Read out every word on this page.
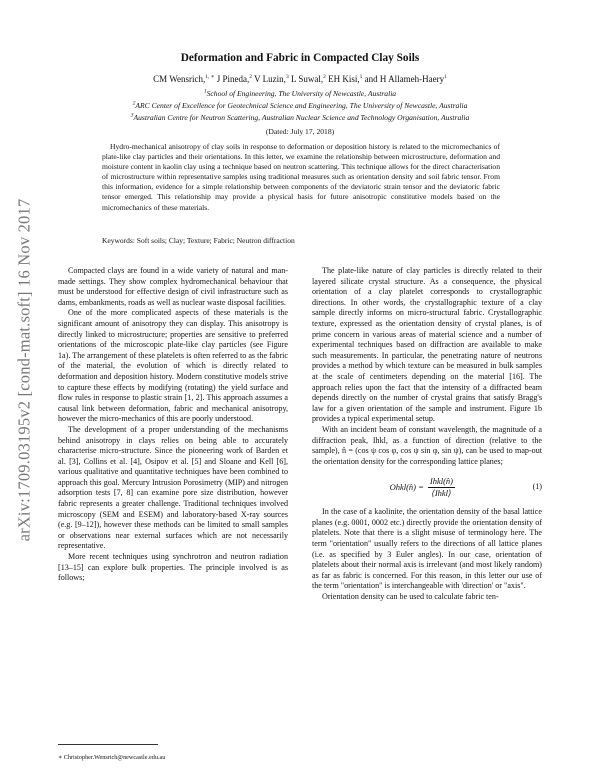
arXiv:1709.03195v2 [cond-mat.soft] 16 Nov 2017
Deformation and Fabric in Compacted Clay Soils
CM Wensrich,$^{1, ∗}$ J Pineda,$^2$ V Luzin,$^3$ L Suwal,$^2$ EH Kisi,$^1$ and H Allameh-Haery$^1$
$^1$School of Engineering, The University of Newcastle, Australia
$^2$ARC Center of Excellence for Geotechnical Science and Engineering, The University of Newcastle, Australia
$^3$Australian Centre for Neutron Scattering, Australian Nuclear Science and Technology Organisation, Australia
(Dated: July 17, 2018)
Hydro-mechanical anisotropy of clay soils in response to deformation or deposition history is related to the micromechanics of plate-like clay particles and their orientations. In this letter, we examine the relationship between microstructure, deformation and moisture content in kaolin clay using a technique based on neutron scattering. This technique allows for the direct characterisation of microstructure within representative samples using traditional measures such as orientation density and soil fabric tensor. From this information, evidence for a simple relationship between components of the deviatoric strain tensor and the deviatoric fabric tensor emerged. This relationship may provide a physical basis for future anisotropic constitutive models based on the micromechanics of these materials.
Keywords: Soft soils; Clay; Texture; Fabric; Neutron diffraction

Compacted clays are found in a wide variety of natural and man-made settings. They show complex hydromechanical behaviour that must be understood for effective design of civil infrastructure such as dams, embankments, roads as well as nuclear waste disposal facilities.

One of the more complicated aspects of these materials is the significant amount of anisotropy they can display. This anisotropy is directly linked to microstructure; properties are sensitive to preferred orientations of the microscopic plate-like clay particles (see Figure 1a). The arrangement of these platelets is often referred to as the fabric of the material, the evolution of which is directly related to deformation and deposition history. Modern constitutive models strive to capture these effects by modifying (rotating) the yield surface and flow rules in response to plastic strain [1, 2]. This approach assumes a causal link between deformation, fabric and mechanical anisotropy, however the micro-mechanics of this are poorly understood.

The development of a proper understanding of the mechanisms behind anisotropy in clays relies on being able to accurately characterise micro-structure. Since the pioneering work of Barden et al. [3], Collins et al. [4], Osipov et al. [5] and Sloane and Kell [6], various qualitative and quantitative techniques have been combined to approach this goal. Mercury Intrusion Porosimetry (MIP) and nitrogen adsorption tests [7, 8] can examine pore size distribution, however fabric represents a greater challenge. Traditional techniques involved microscopy (SEM and ESEM) and laboratory-based X-ray sources (e.g. [9–12]), however these methods can be limited to small samples or observations near external surfaces which are not necessarily representative.

More recent techniques using synchrotron and neutron radiation [13–15] can explore bulk properties. The principle involved is as follows;

The plate-like nature of clay particles is directly related to their layered silicate crystal structure. As a consequence, the physical orientation of a clay platelet corresponds to crystallographic directions. In other words, the crystallographic texture of a clay sample directly informs on micro-structural fabric. Crystallographic texture, expressed as the orientation density of crystal planes, is of prime concern in various areas of material science and a number of experimental techniques based on diffraction are available to make such measurements. In particular, the penetrating nature of neutrons provides a method by which texture can be measured in bulk samples at the scale of centimeters depending on the material [16]. The approach relies upon the fact that the intensity of a diffracted beam depends directly on the number of crystal grains that satisfy Bragg's law for a given orientation of the sample and instrument. Figure 1b provides a typical experimental setup.

With an incident beam of constant wavelength, the magnitude of a diffraction peak, Ihkl, as a function of direction (relative to the sample), n̂ = (cos ψ cos φ, cos ψ sin φ, sin ψ), can be used to map-out the orientation density for the corresponding lattice planes;

Ohkl(n̂) = $\frac{\text{Ihkl(n̂)}}{\text{⟨Ihkl⟩}}$	(1)

In the case of a kaolinite, the orientation density of the basal lattice planes (e.g. 0001, 0002 etc.) directly provide the orientation density of platelets. Note that there is a slight misuse of terminology here. The term "orientation" usually refers to the directions of all lattice planes (i.e. as specified by 3 Euler angles). In our case, orientation of platelets about their normal axis is irrelevant (and most likely random) as far as fabric is concerned. For this reason, in this letter our use of the term "orientation" is interchangeable with 'direction' or "axis".

Orientation density can be used to calculate fabric ten-

∗ Christopher.Wensrich@newcastle.edu.au
